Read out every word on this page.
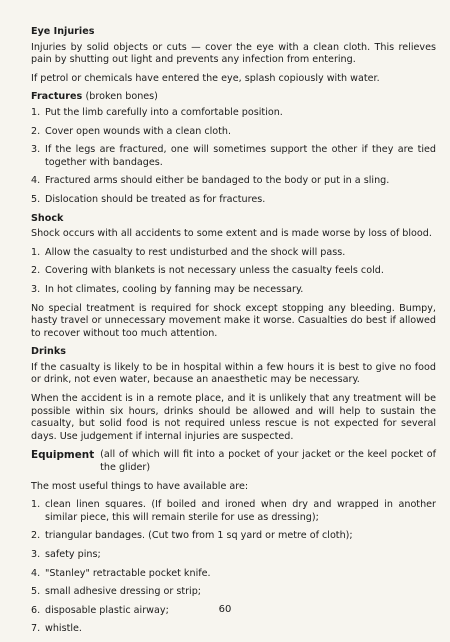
Eye Injuries

Injuries by solid objects or cuts — cover the eye with a clean cloth. This relieves pain by shutting out light and prevents any infection from entering.

If petrol or chemicals have entered the eye, splash copiously with water.

Fractures (broken bones)
1. Put the limb carefully into a comfortable position.
2. Cover open wounds with a clean cloth.
3. If the legs are fractured, one will sometimes support the other if they are tied together with bandages.
4. Fractured arms should either be bandaged to the body or put in a sling.
5. Dislocation should be treated as for fractures.
Shock

Shock occurs with all accidents to some extent and is made worse by loss of blood.

1. Allow the casualty to rest undisturbed and the shock will pass.
2. Covering with blankets is not necessary unless the casualty feels cold.
3. In hot climates, cooling by fanning may be necessary.

No special treatment is required for shock except stopping any bleeding. Bumpy, hasty travel or unnecessary movement make it worse. Casualties do best if allowed to recover without too much attention.

Drinks

If the casualty is likely to be in hospital within a few hours it is best to give no food or drink, not even water, because an anaesthetic may be necessary.

When the accident is in a remote place, and it is unlikely that any treatment will be possible within six hours, drinks should be allowed and will help to sustain the casualty, but solid food is not required unless rescue is not expected for several days. Use judgement if internal injuries are suspected.

Equipment (all of which will fit into a pocket of your jacket or the keel pocket of the glider)

The most useful things to have available are:

1. clean linen squares. (If boiled and ironed when dry and wrapped in another similar piece, this will remain sterile for use as dressing);
2. triangular bandages. (Cut two from 1 sq yard or metre of cloth);
3. safety pins;
4. "Stanley" retractable pocket knife.
5. small adhesive dressing or strip;
6. disposable plastic airway;
7. whistle.
60
